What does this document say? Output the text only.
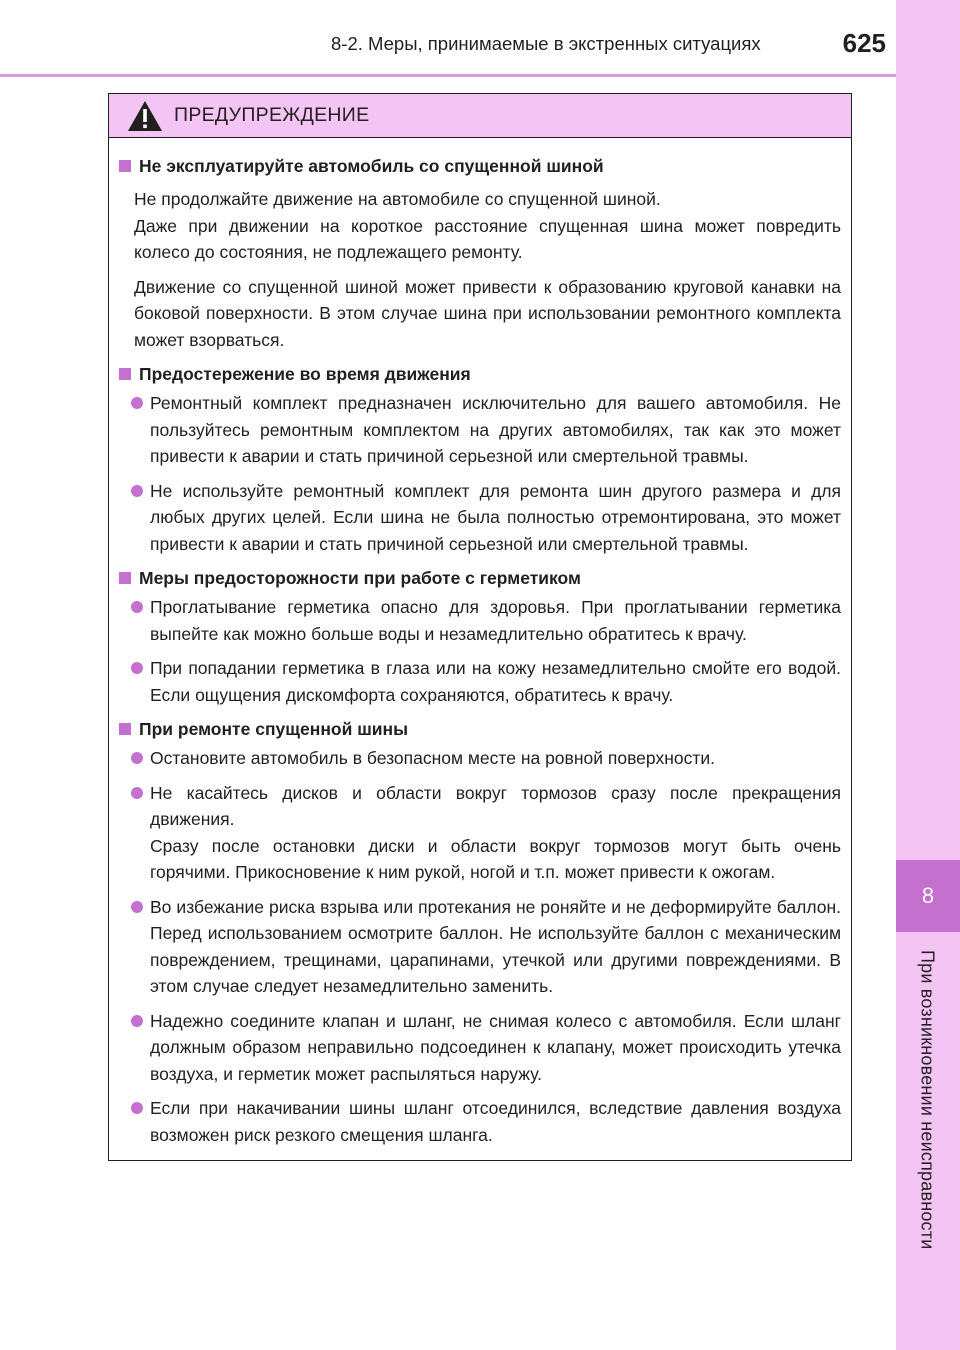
8-2. Меры, принимаемые в экстренных ситуациях	625
8
При возникновении неисправности
ПРЕДУПРЕЖДЕНИЕ
Не эксплуатируйте автомобиль со спущенной шиной
Не продолжайте движение на автомобиле со спущенной шиной.
Даже при движении на короткое расстояние спущенная шина может повредить колесо до состояния, не подлежащего ремонту.
Движение со спущенной шиной может привести к образованию круговой канавки на боковой поверхности. В этом случае шина при использовании ремонтного комплекта может взорваться.
Предостережение во время движения
Ремонтный комплект предназначен исключительно для вашего автомобиля. Не пользуйтесь ремонтным комплектом на других автомобилях, так как это может привести к аварии и стать причиной серьезной или смертельной травмы.
Не используйте ремонтный комплект для ремонта шин другого размера и для любых других целей. Если шина не была полностью отремонтирована, это может привести к аварии и стать причиной серьезной или смертельной травмы.
Меры предосторожности при работе с герметиком
Проглатывание герметика опасно для здоровья. При проглатывании герметика выпейте как можно больше воды и незамедлительно обратитесь к врачу.
При попадании герметика в глаза или на кожу незамедлительно смойте его водой. Если ощущения дискомфорта сохраняются, обратитесь к врачу.
При ремонте спущенной шины
Остановите автомобиль в безопасном месте на ровной поверхности.
Не касайтесь дисков и области вокруг тормозов сразу после прекращения движения.
Сразу после остановки диски и области вокруг тормозов могут быть очень горячими. Прикосновение к ним рукой, ногой и т.п. может привести к ожогам.
Во избежание риска взрыва или протекания не роняйте и не деформируйте баллон. Перед использованием осмотрите баллон. Не используйте баллон с механическим повреждением, трещинами, царапинами, утечкой или другими повреждениями. В этом случае следует незамедлительно заменить.
Надежно соедините клапан и шланг, не снимая колесо с автомобиля. Если шланг должным образом неправильно подсоединен к клапану, может происходить утечка воздуха, и герметик может распыляться наружу.
Если при накачивании шины шланг отсоединился, вследствие давления воздуха возможен риск резкого смещения шланга.
